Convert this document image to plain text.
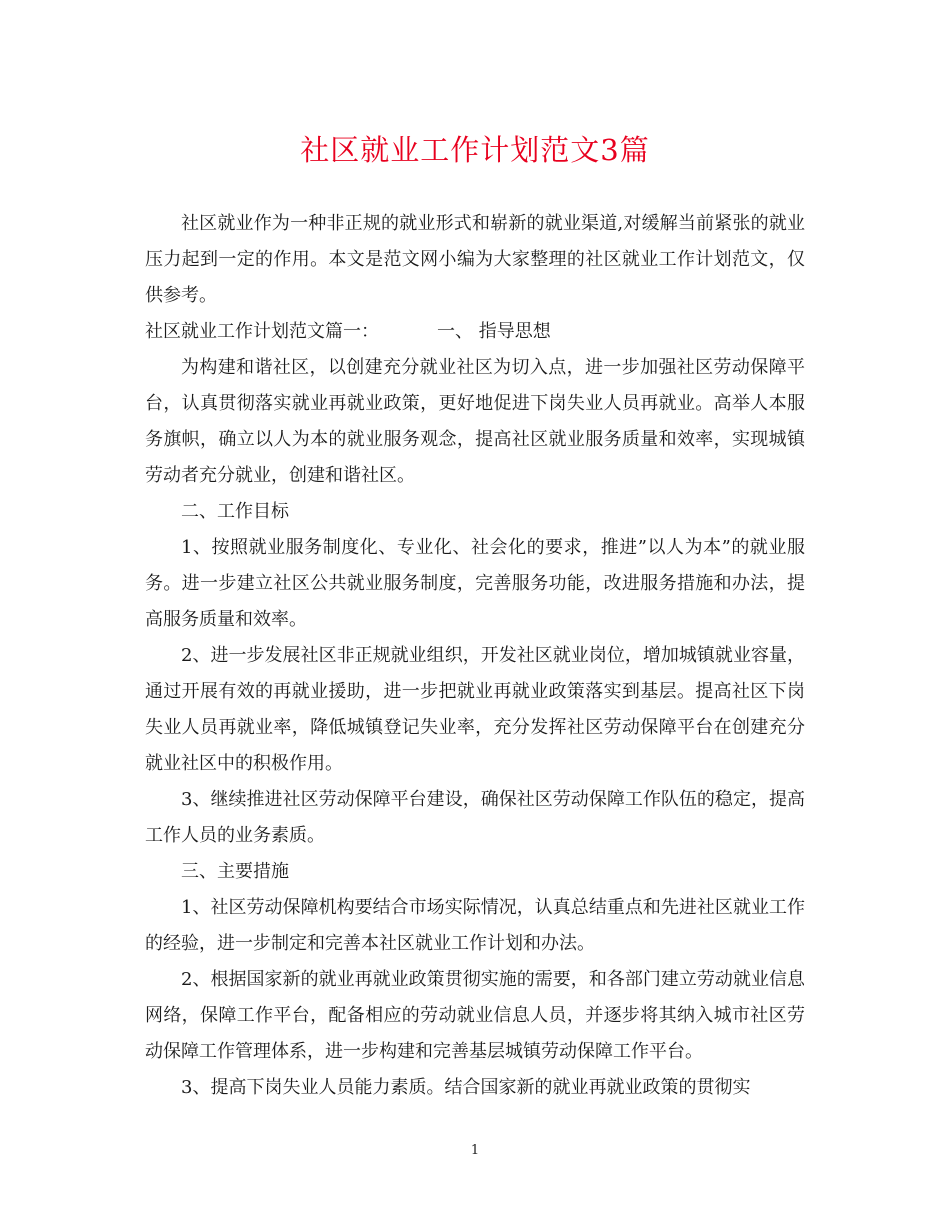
社区就业工作计划范文3篇

社区就业作为一种非正规的就业形式和崭新的就业渠道,对缓解当前紧张的就业压力起到一定的作用。本文是范文网小编为大家整理的社区就业工作计划范文，仅供参考。

社区就业工作计划范文篇一：	一、 指导思想

为构建和谐社区，以创建充分就业社区为切入点，进一步加强社区劳动保障平台，认真贯彻落实就业再就业政策，更好地促进下岗失业人员再就业。高举人本服务旗帜，确立以人为本的就业服务观念，提高社区就业服务质量和效率，实现城镇劳动者充分就业，创建和谐社区。

二、工作目标

1、按照就业服务制度化、专业化、社会化的要求，推进”以人为本”的就业服务。进一步建立社区公共就业服务制度，完善服务功能，改进服务措施和办法，提高服务质量和效率。

2、进一步发展社区非正规就业组织，开发社区就业岗位，增加城镇就业容量，通过开展有效的再就业援助，进一步把就业再就业政策落实到基层。提高社区下岗失业人员再就业率，降低城镇登记失业率，充分发挥社区劳动保障平台在创建充分就业社区中的积极作用。

3、继续推进社区劳动保障平台建设，确保社区劳动保障工作队伍的稳定，提高工作人员的业务素质。

三、主要措施

1、社区劳动保障机构要结合市场实际情况，认真总结重点和先进社区就业工作的经验，进一步制定和完善本社区就业工作计划和办法。

2、根据国家新的就业再就业政策贯彻实施的需要，和各部门建立劳动就业信息网络，保障工作平台，配备相应的劳动就业信息人员，并逐步将其纳入城市社区劳动保障工作管理体系，进一步构建和完善基层城镇劳动保障工作平台。

3、提高下岗失业人员能力素质。结合国家新的就业再就业政策的贯彻实

1
